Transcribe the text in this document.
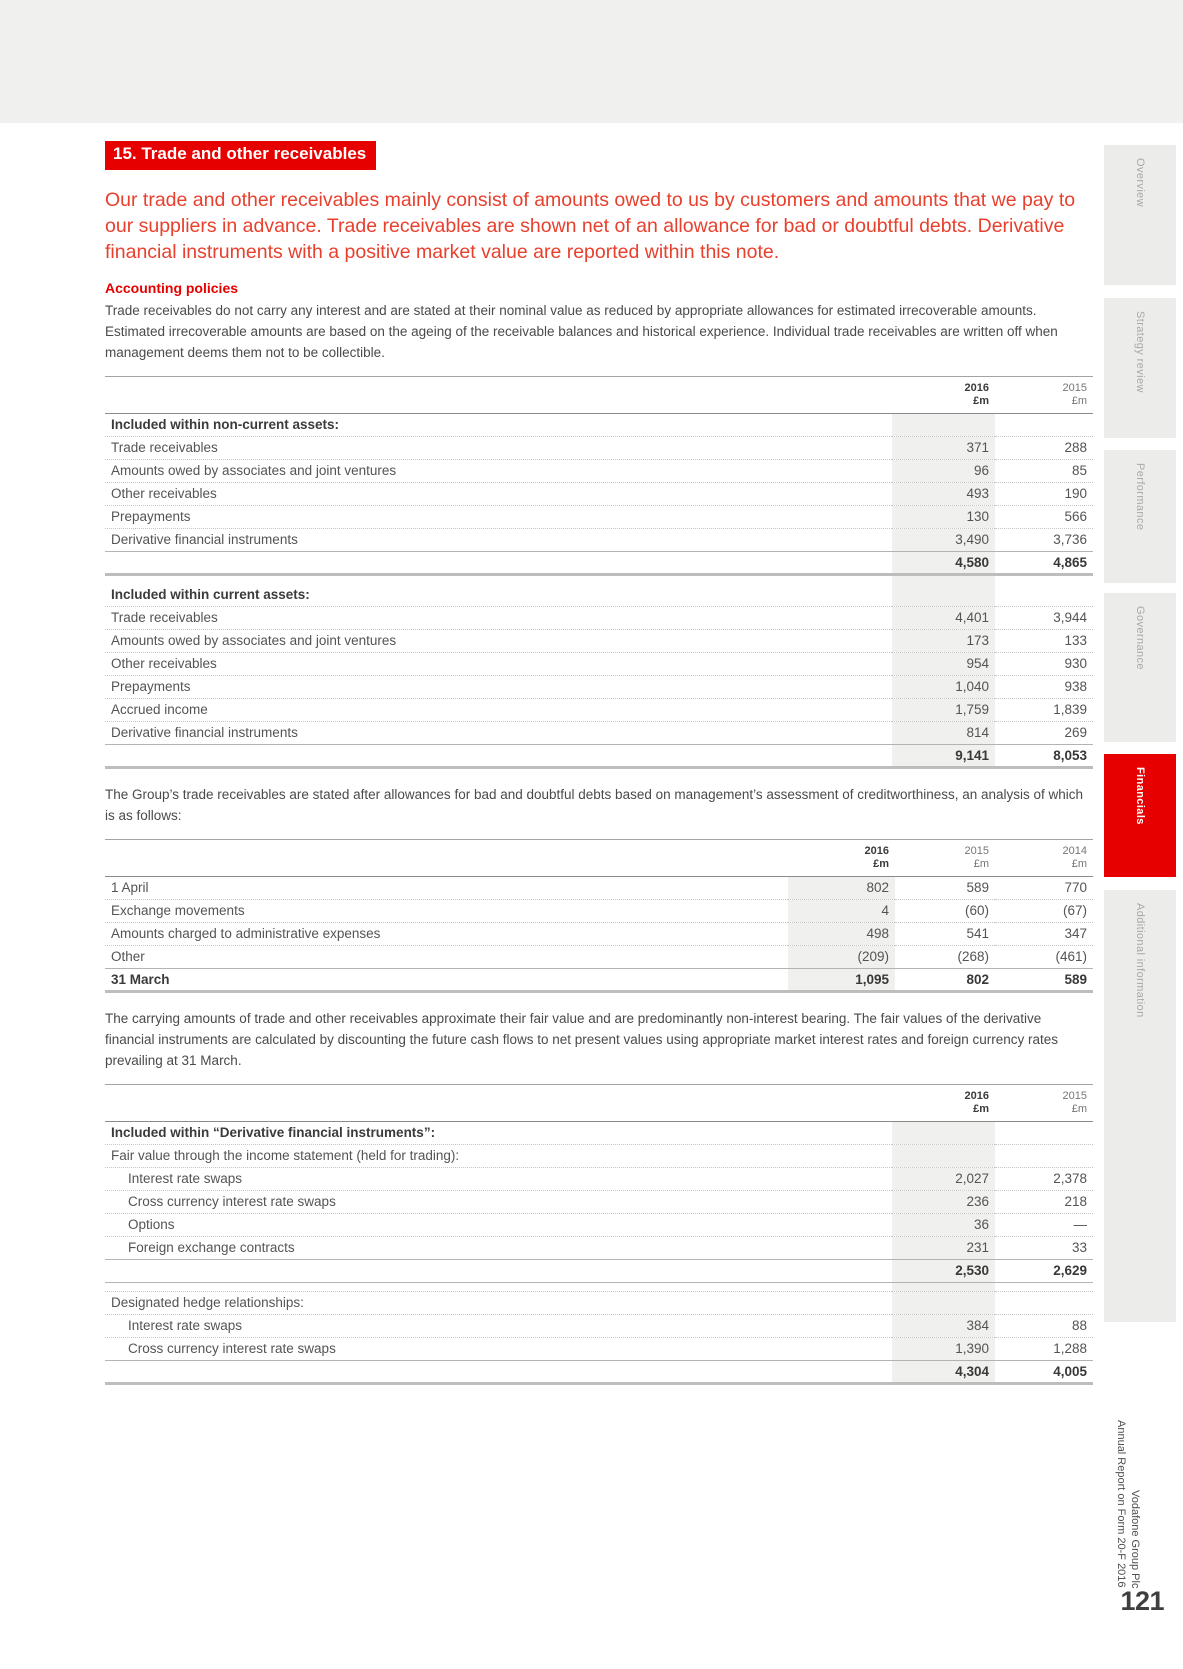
15. Trade and other receivables

Our trade and other receivables mainly consist of amounts owed to us by customers and amounts that we pay to our suppliers in advance. Trade receivables are shown net of an allowance for bad or doubtful debts. Derivative financial instruments with a positive market value are reported within this note.

Accounting policies

Trade receivables do not carry any interest and are stated at their nominal value as reduced by appropriate allowances for estimated irrecoverable amounts. Estimated irrecoverable amounts are based on the ageing of the receivable balances and historical experience. Individual trade receivables are written off when management deems them not to be collectible.

2016
£m

2015
£m

Included within non-current assets:		
Trade receivables	371	288
Amounts owed by associates and joint ventures	96	85
Other receivables	493	190
Prepayments	130	566
Derivative financial instruments	3,490	3,736
	4,580	4,865

Included within current assets:		
Trade receivables	4,401	3,944
Amounts owed by associates and joint ventures	173	133
Other receivables	954	930
Prepayments	1,040	938
Accrued income	1,759	1,839
Derivative financial instruments	814	269
	9,141	8,053

The Group’s trade receivables are stated after allowances for bad and doubtful debts based on management’s assessment of creditworthiness, an analysis of which is as follows:

2016
£m

2015
£m

2014
£m

1 April	802	589	770
Exchange movements	4	(60)	(67)
Amounts charged to administrative expenses	498	541	347
Other	(209)	(268)	(461)
31 March	1,095	802	589

The carrying amounts of trade and other receivables approximate their fair value and are predominantly non-interest bearing. The fair values of the derivative financial instruments are calculated by discounting the future cash flows to net present values using appropriate market interest rates and foreign currency rates prevailing at 31 March.

2016
£m

2015
£m

Included within “Derivative financial instruments”:		
Fair value through the income statement (held for trading):		
Interest rate swaps	2,027	2,378
Cross currency interest rate swaps	236	218
Options	36	—
Foreign exchange contracts	231	33
	2,530	2,629

Designated hedge relationships:		
Interest rate swaps	384	88
Cross currency interest rate swaps	1,390	1,288
	4,304	4,005
Overview
Strategy review
Performance
Governance
Financials
Additional information
Vodafone Group Plc
Annual Report on Form 20-F 2016
121
